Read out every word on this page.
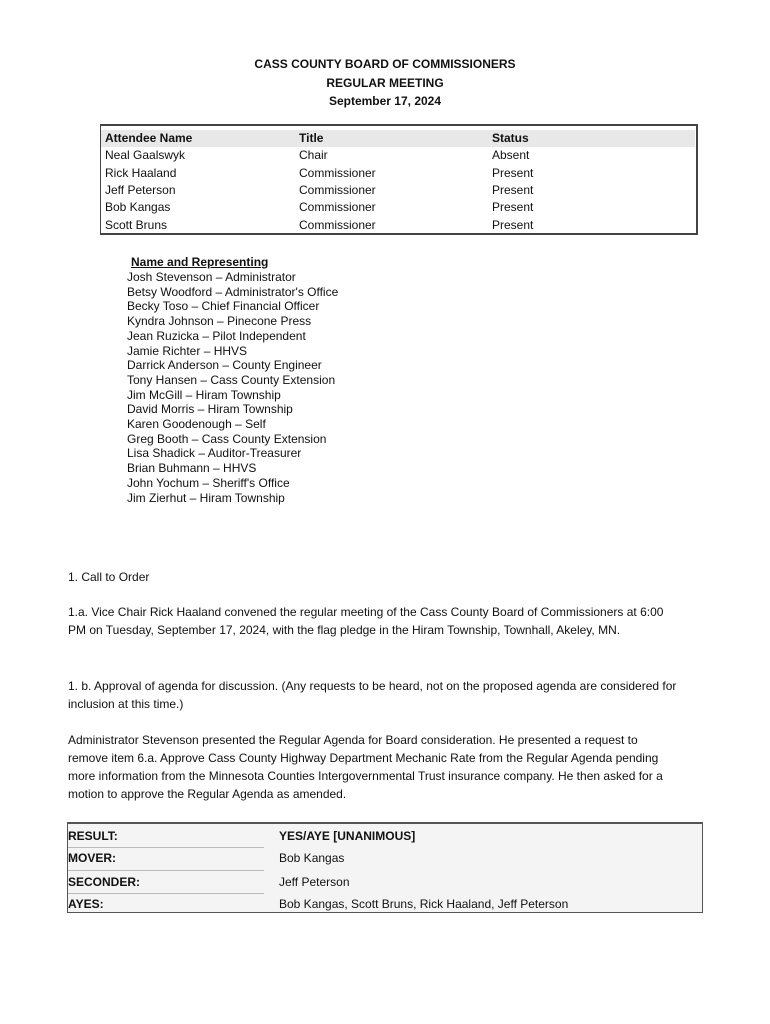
CASS COUNTY BOARD OF COMMISSIONERS
REGULAR MEETING
September 17, 2024
Attendee Name	Title	Status
Neal Gaalswyk	Chair	Absent
Rick Haaland	Commissioner	Present
Jeff Peterson	Commissioner	Present
Bob Kangas	Commissioner	Present
Scott Bruns	Commissioner	Present
Name and Representing
Josh Stevenson – Administrator
Betsy Woodford – Administrator's Office
Becky Toso – Chief Financial Officer
Kyndra Johnson – Pinecone Press
Jean Ruzicka – Pilot Independent
Jamie Richter – HHVS
Darrick Anderson – County Engineer
Tony Hansen – Cass County Extension
Jim McGill – Hiram Township
David Morris – Hiram Township
Karen Goodenough – Self
Greg Booth – Cass County Extension
Lisa Shadick – Auditor-Treasurer
Brian Buhmann – HHVS
John Yochum – Sheriff's Office
Jim Zierhut – Hiram Township
1. Call to Order
1.a. Vice Chair Rick Haaland convened the regular meeting of the Cass County Board of Commissioners at 6:00 PM on Tuesday, September 17, 2024, with the flag pledge in the Hiram Township, Townhall, Akeley, MN.
1. b. Approval of agenda for discussion. (Any requests to be heard, not on the proposed agenda are considered for inclusion at this time.)
Administrator Stevenson presented the Regular Agenda for Board consideration. He presented a request to remove item 6.a. Approve Cass County Highway Department Mechanic Rate from the Regular Agenda pending more information from the Minnesota Counties Intergovernmental Trust insurance company. He then asked for a motion to approve the Regular Agenda as amended.
RESULT:	YES/AYE [UNANIMOUS]
MOVER:	Bob Kangas
SECONDER:	Jeff Peterson
AYES:	Bob Kangas, Scott Bruns, Rick Haaland, Jeff Peterson
